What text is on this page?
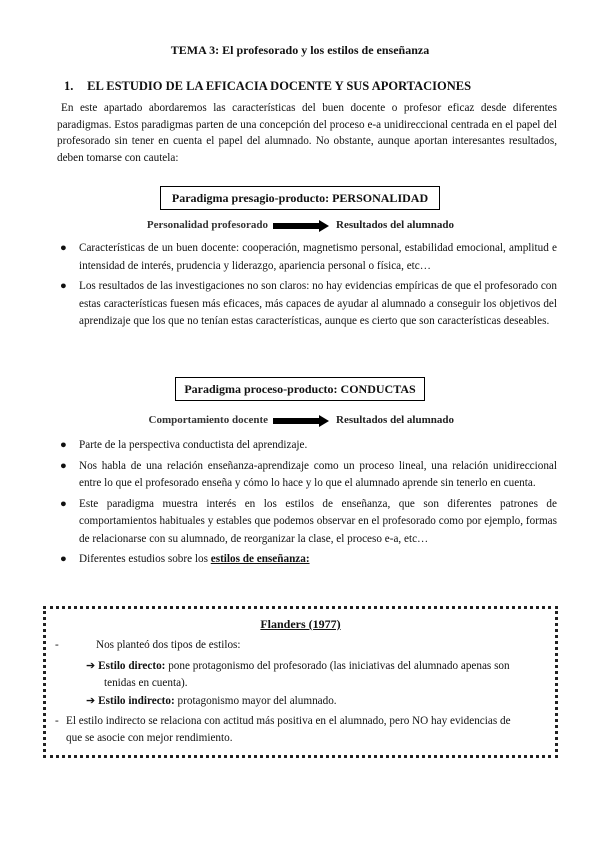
TEMA 3: El profesorado y los estilos de enseñanza
1. EL ESTUDIO DE LA EFICACIA DOCENTE Y SUS APORTACIONES
En este apartado abordaremos las características del buen docente o profesor eficaz desde diferentes paradigmas. Estos paradigmas parten de una concepción del proceso e-a unidireccional centrada en el papel del profesorado sin tener en cuenta el papel del alumnado. No obstante, aunque aportan interesantes resultados, deben tomarse con cautela:
Paradigma presagio-producto: PERSONALIDAD
Personalidad profesorado	Resultados del alumnado
● Características de un buen docente: cooperación, magnetismo personal, estabilidad emocional, amplitud e intensidad de interés, prudencia y liderazgo, apariencia personal o física, etc…
● Los resultados de las investigaciones no son claros: no hay evidencias empíricas de que el profesorado con estas características fuesen más eficaces, más capaces de ayudar al alumnado a conseguir los objetivos del aprendizaje que los que no tenían estas características, aunque es cierto que son características deseables.
Paradigma proceso-producto: CONDUCTAS
Comportamiento docente	Resultados del alumnado
● Parte de la perspectiva conductista del aprendizaje.
● Nos habla de una relación enseñanza-aprendizaje como un proceso lineal, una relación unidireccional entre lo que el profesorado enseña y cómo lo hace y lo que el alumnado aprende sin tenerlo en cuenta.
● Este paradigma muestra interés en los estilos de enseñanza, que son diferentes patrones de comportamientos habituales y estables que podemos observar en el profesorado como por ejemplo, formas de relacionarse con su alumnado, de reorganizar la clase, el proceso e-a, etc…
● Diferentes estudios sobre los estilos de enseñanza:
Flanders (1977)
-	Nos planteó dos tipos de estilos:
➔ Estilo directo: pone protagonismo del profesorado (las iniciativas del alumnado apenas son
tenidas en cuenta).
➔ Estilo indirecto: protagonismo mayor del alumnado.
- El estilo indirecto se relaciona con actitud más positiva en el alumnado, pero NO hay evidencias de
que se asocie con mejor rendimiento.
